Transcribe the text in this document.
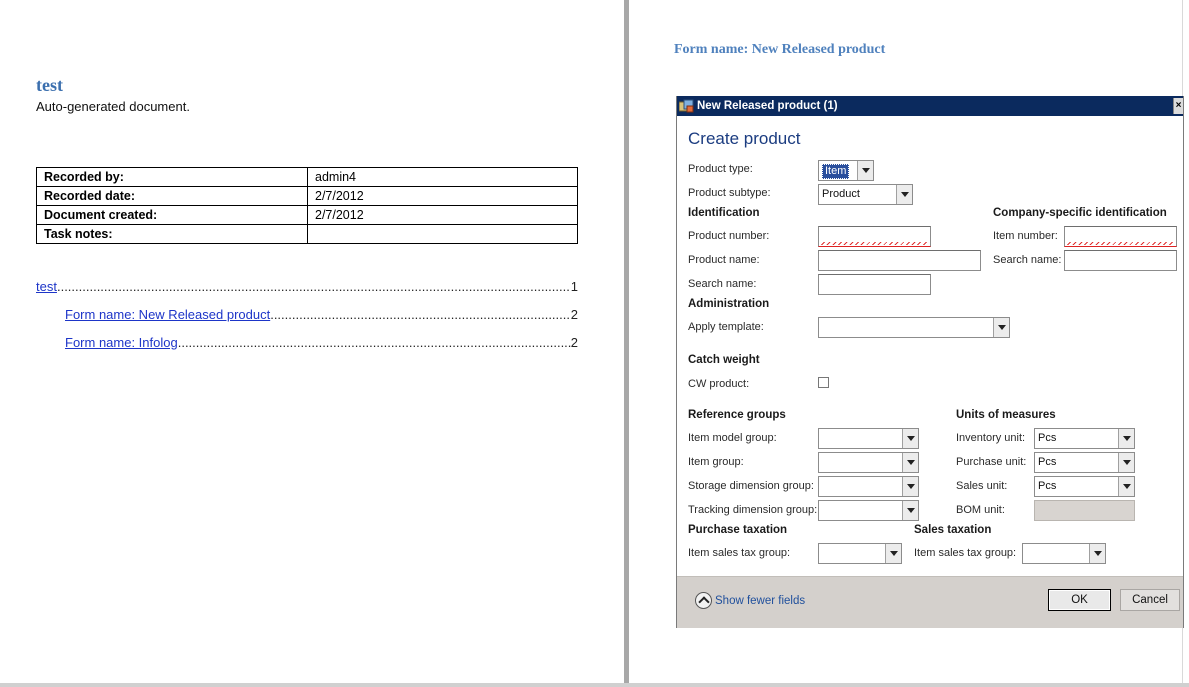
test
Auto-generated document.
Recorded by:	admin4
Recorded date:	2/7/2012
Document created:	2/7/2012
Task notes:	
test .....	1
Form name: New Released product .....	2
Form name: Infolog .....	2
Form name: New Released product
New Released product (1)	×
Create product
Product type:	Item
Product subtype:	Product
Identification
Product number:
Product name:
Search name:
Company-specific identification
Item number:
Search name:
Administration
Apply template:
Catch weight
CW product:
Reference groups
Item model group:
Item group:
Storage dimension group:
Tracking dimension group:
Units of measures
Inventory unit:	Pcs
Purchase unit:	Pcs
Sales unit:	Pcs
BOM unit:
Purchase taxation
Item sales tax group:
Sales taxation
Item sales tax group:
Show fewer fields	OK	Cancel
